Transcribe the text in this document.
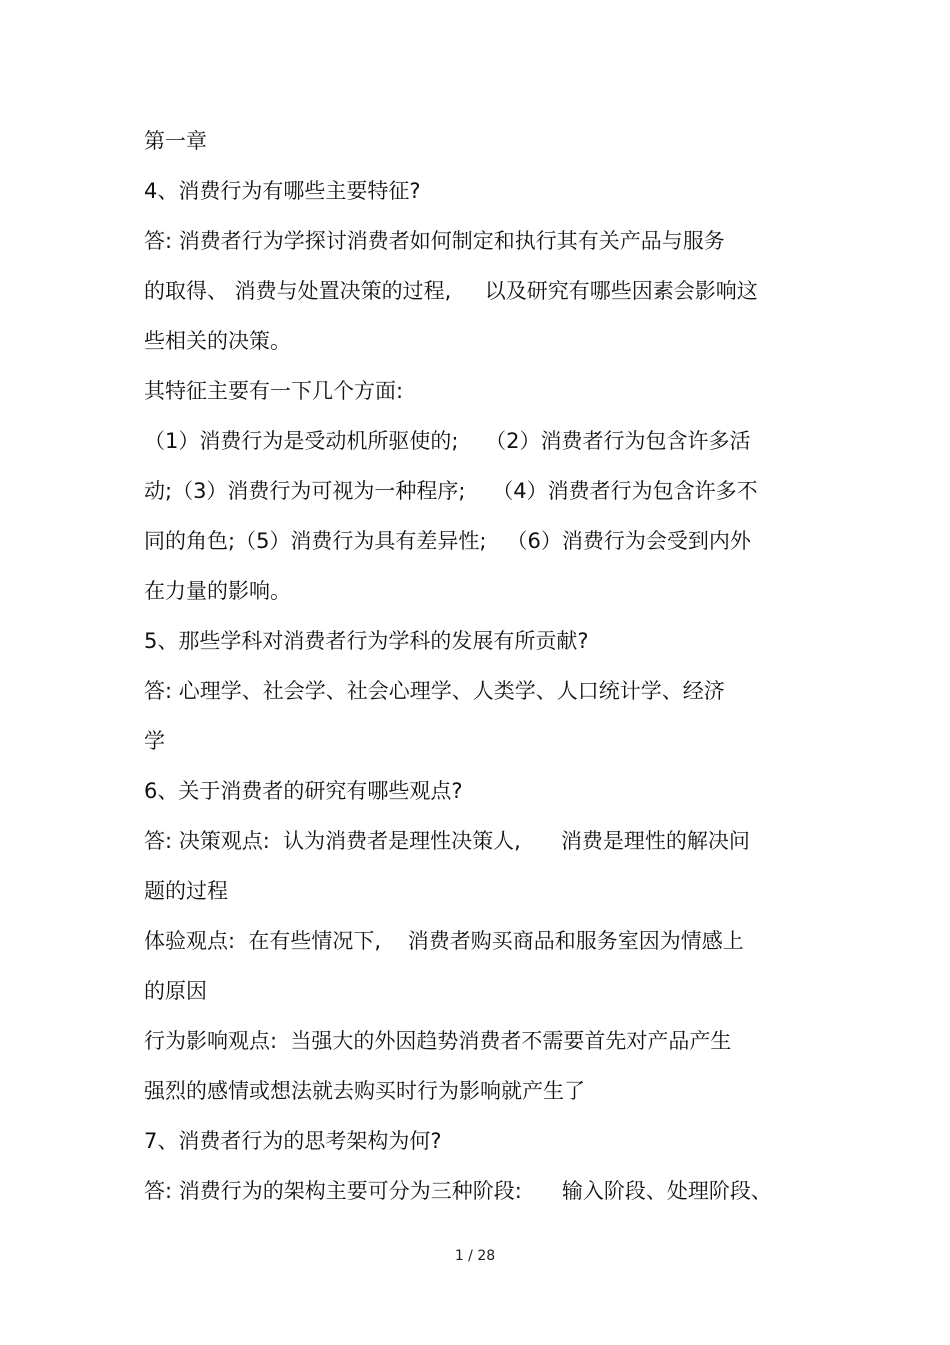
第一章
4、消费行为有哪些主要特征?
答: 消费者行为学探讨消费者如何制定和执行其有关产品与服务
的取得、 消费与处置决策的过程,     以及研究有哪些因素会影响这
些相关的决策。
其特征主要有一下几个方面:
（1）消费行为是受动机所驱使的;    （2）消费者行为包含许多活
动;（3）消费行为可视为一种程序;    （4）消费者行为包含许多不
同的角色;（5）消费行为具有差异性;   （6）消费行为会受到内外
在力量的影响。
5、那些学科对消费者行为学科的发展有所贡献?
答: 心理学、社会学、社会心理学、人类学、人口统计学、经济
学
6、关于消费者的研究有哪些观点?
答: 决策观点:  认为消费者是理性决策人,      消费是理性的解决问
题的过程
体验观点:  在有些情况下,    消费者购买商品和服务室因为情感上
的原因
行为影响观点:  当强大的外因趋势消费者不需要首先对产品产生
强烈的感情或想法就去购买时行为影响就产生了
7、消费者行为的思考架构为何?
答: 消费行为的架构主要可分为三种阶段:      输入阶段、处理阶段、
1 / 28
